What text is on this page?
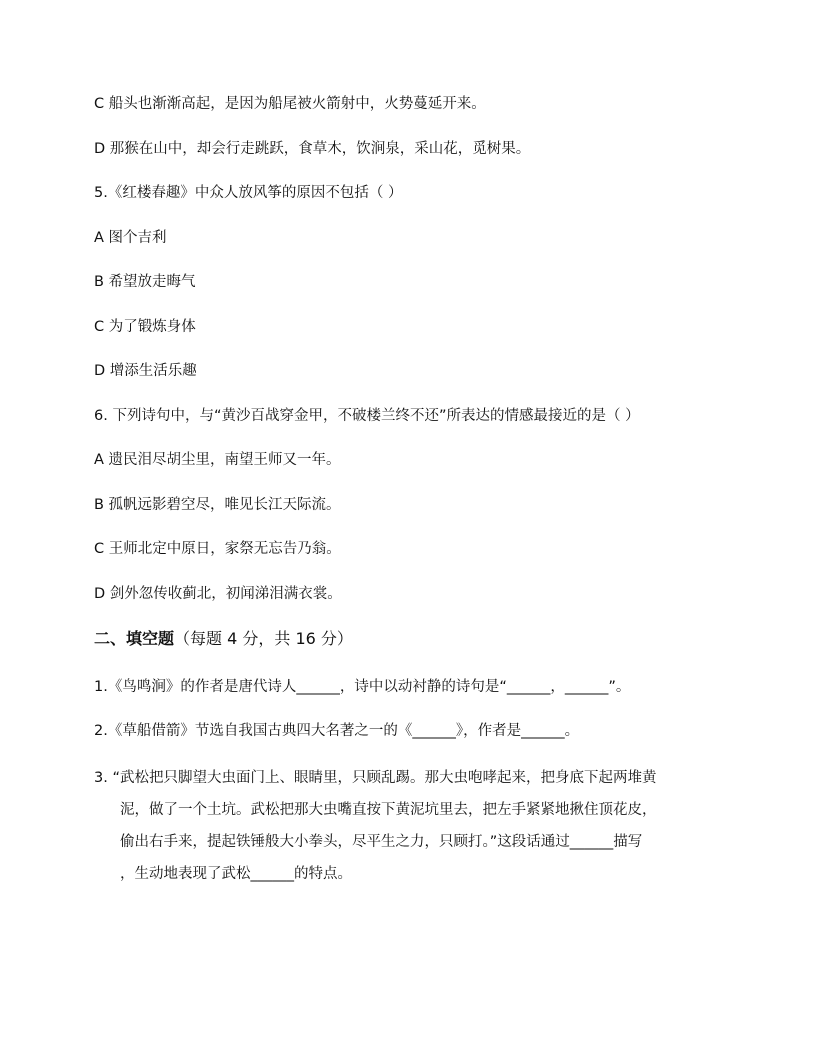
C 船头也渐渐高起，是因为船尾被火箭射中，火势蔓延开来。
D 那猴在山中，却会行走跳跃，食草木，饮涧泉，采山花，觅树果。
5.《红楼春趣》中众人放风筝的原因不包括（ ）
A 图个吉利
B 希望放走晦气
C 为了锻炼身体
D 增添生活乐趣
6. 下列诗句中，与“黄沙百战穿金甲，不破楼兰终不还”所表达的情感最接近的是（ ）
A 遗民泪尽胡尘里，南望王师又一年。
B 孤帆远影碧空尽，唯见长江天际流。
C 王师北定中原日，家祭无忘告乃翁。
D 剑外忽传收蓟北，初闻涕泪满衣裳。
二、填空题（每题 4 分，共 16 分）
1.《鸟鸣涧》的作者是唐代诗人______，诗中以动衬静的诗句是“______，______”。
2.《草船借箭》节选自我国古典四大名著之一的《______》，作者是______。
3. “武松把只脚望大虫面门上、眼睛里，只顾乱踢。那大虫咆哮起来，把身底下起两堆黄
泥，做了一个土坑。武松把那大虫嘴直按下黄泥坑里去，把左手紧紧地揪住顶花皮，
偷出右手来，提起铁锤般大小拳头，尽平生之力，只顾打。”这段话通过______描写
，生动地表现了武松______的特点。
